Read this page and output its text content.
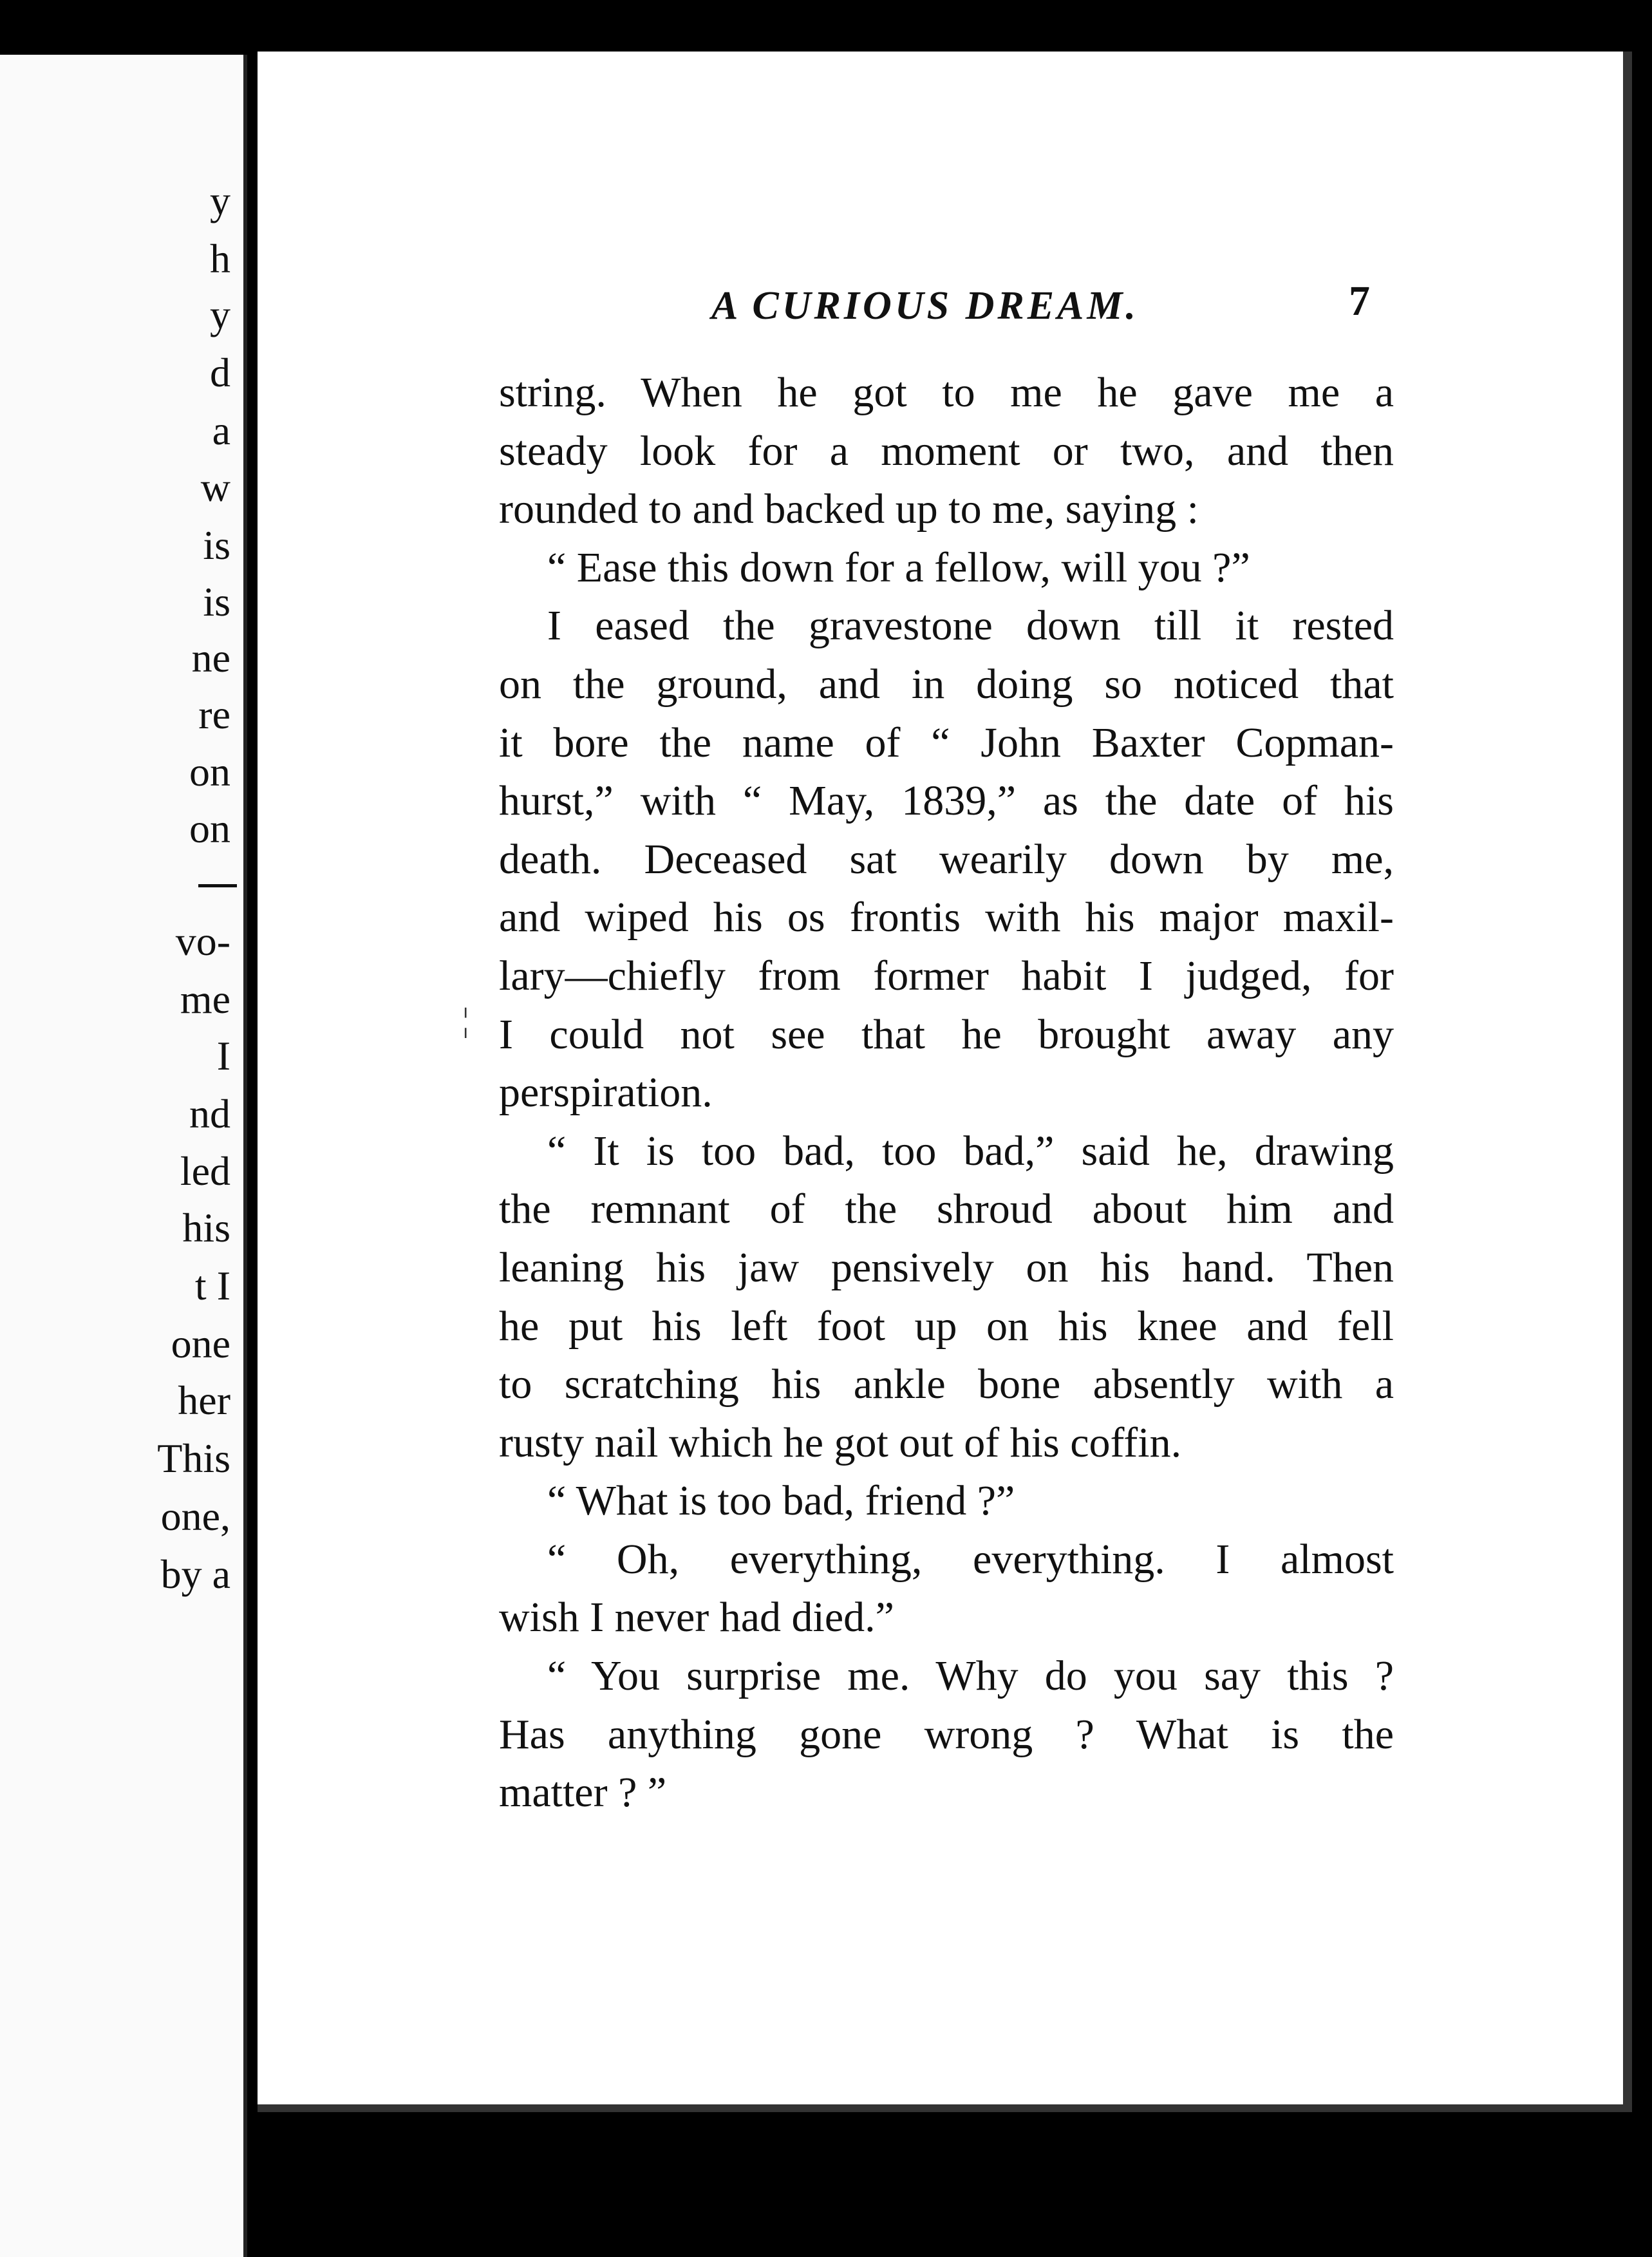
y
h
y
d
a
w
is
is
ne
re
on
on
vo-
me
I
nd
led
his
t I
one
her
This
one,
by a
A CURIOUS DREAM.	7
¦
string. When he got to me he gave me a
steady look for a moment or two, and then
rounded to and backed up to me, saying :
“ Ease this down for a fellow, will you ?”
I eased the gravestone down till it rested
on the ground, and in doing so noticed that
it bore the name of “ John Baxter Copman-
hurst,” with “ May, 1839,” as the date of his
death. Deceased sat wearily down by me,
and wiped his os frontis with his major maxil-
lary—chiefly from former habit I judged, for
I could not see that he brought away any
perspiration.
“ It is too bad, too bad,” said he, drawing
the remnant of the shroud about him and
leaning his jaw pensively on his hand. Then
he put his left foot up on his knee and fell
to scratching his ankle bone absently with a
rusty nail which he got out of his coffin.
“ What is too bad, friend ?”
“ Oh, everything, everything. I almost
wish I never had died.”
“ You surprise me. Why do you say this ?
Has anything gone wrong ? What is the
matter ? ”
